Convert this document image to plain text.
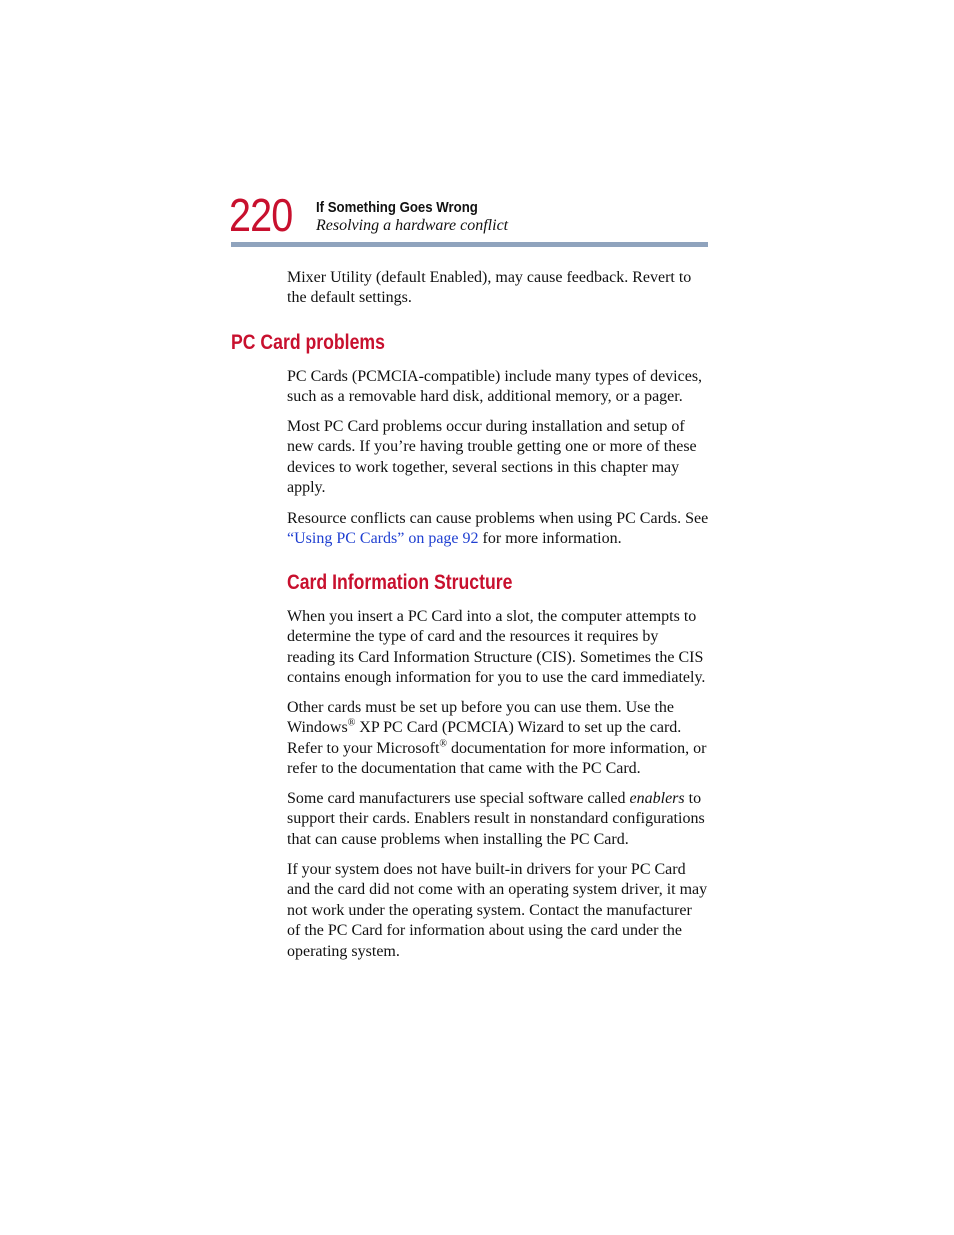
220 If Something Goes Wrong
Resolving a hardware conflict

Mixer Utility (default Enabled), may cause feedback. Revert to the default settings.

PC Card problems

PC Cards (PCMCIA-compatible) include many types of devices, such as a removable hard disk, additional memory, or a pager.

Most PC Card problems occur during installation and setup of new cards. If you’re having trouble getting one or more of these devices to work together, several sections in this chapter may apply.

Resource conflicts can cause problems when using PC Cards. See “Using PC Cards” on page 92 for more information.

Card Information Structure

When you insert a PC Card into a slot, the computer attempts to determine the type of card and the resources it requires by reading its Card Information Structure (CIS). Sometimes the CIS contains enough information for you to use the card immediately.

Other cards must be set up before you can use them. Use the Windows® XP PC Card (PCMCIA) Wizard to set up the card. Refer to your Microsoft® documentation for more information, or refer to the documentation that came with the PC Card.

Some card manufacturers use special software called enablers to support their cards. Enablers result in nonstandard configurations that can cause problems when installing the PC Card.

If your system does not have built-in drivers for your PC Card and the card did not come with an operating system driver, it may not work under the operating system. Contact the manufacturer of the PC Card for information about using the card under the operating system.
